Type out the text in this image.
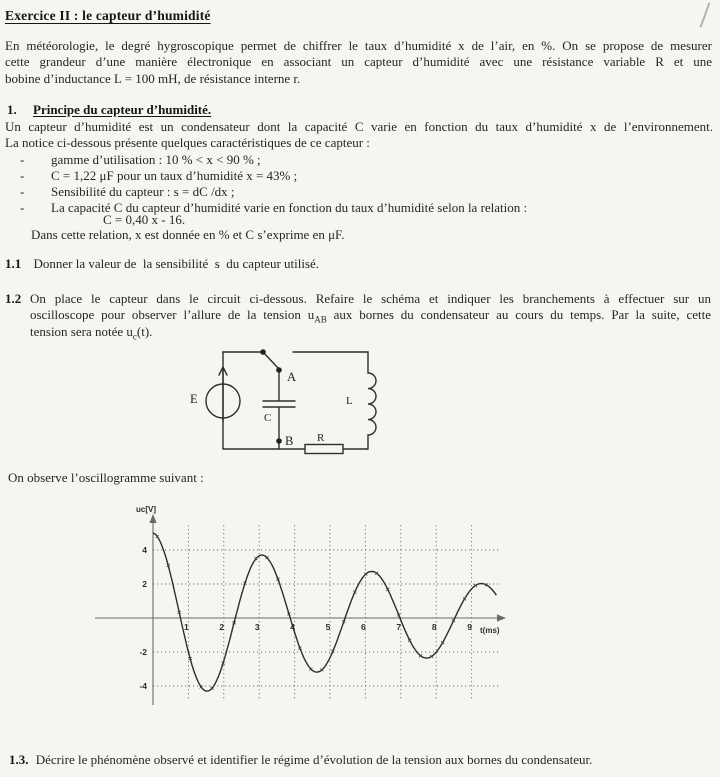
Exercice II : le capteur d’humidité
En météorologie, le degré hygroscopique permet de chiffrer le taux d’humidité x de l’air, en %. On se propose de mesurer
cette grandeur d’une manière électronique en associant un capteur d’humidité avec une résistance variable R et une
bobine d’inductance L = 100 mH, de résistance interne r.
1. Principe du capteur d’humidité.
Un capteur d’humidité est un condensateur dont la capacité C varie en fonction du taux d’humidité x de l’environnement.
La notice ci-dessous présente quelques caractéristiques de ce capteur :
- gamme d’utilisation : 10 % < x < 90 % ;
- C = 1,22 μF pour un taux d’humidité x = 43% ;
- Sensibilité du capteur : s = dC /dx ;
- La capacité C du capteur d’humidité varie en fonction du taux d’humidité selon la relation :
C = 0,40 x - 16.
Dans cette relation, x est donnée en % et C s’exprime en μF.
1.1 Donner la valeur de  la sensibilité  s  du capteur utilisé.
1.2 On place le capteur dans le circuit ci-dessous. Refaire le schéma et indiquer les branchements à effectuer sur un
oscilloscope pour observer l’allure de la tension $u_{AB}$ aux bornes du condensateur au cours du temps. Par la suite, cette
tension sera notée $u_c(t)$.
E
A
C
B R
L
On observe l’oscillogramme suivant :
1	2	3	4	5	6	7	8	9
4
2
-2
-4
uc[V]
t(ms)
1.3. Décrire le phénomène observé et identifier le régime d’évolution de la tension aux bornes du condensateur.
